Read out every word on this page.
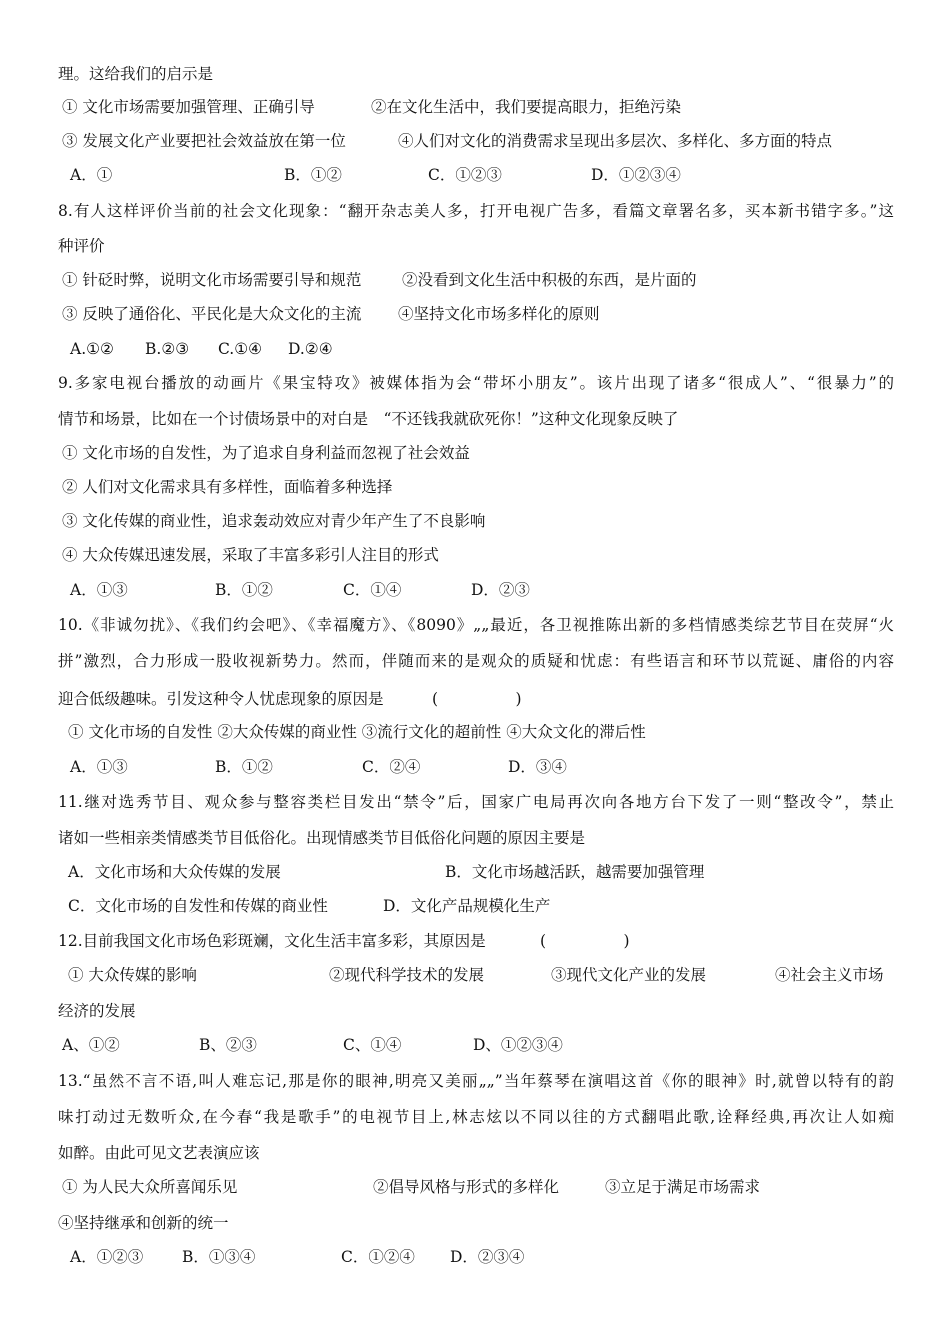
理。这给我们的启示是
① 文化市场需要加强管理、正确引导	②在文化生活中，我们要提高眼力，拒绝污染
③ 发展文化产业要把社会效益放在第一位	④人们对文化的消费需求呈现出多层次、多样化、多方面的特点
A．①	B．①②	C．①②③	D．①②③④
8.有人这样评价当前的社会文化现象：“翻开杂志美人多，打开电视广告多，看篇文章署名多，买本新书错字多。”这
种评价
① 针砭时弊，说明文化市场需要引导和规范	②没看到文化生活中积极的东西，是片面的
③ 反映了通俗化、平民化是大众文化的主流 ④坚持文化市场多样化的原则
A.①② B.②③ C.①④ D.②④
9.多家电视台播放的动画片《果宝特攻》被媒体指为会“带坏小朋友”。该片出现了诸多“很成人”、“很暴力”的
情节和场景，比如在一个讨债场景中的对白是　“不还钱我就砍死你！”这种文化现象反映了
① 文化市场的自发性，为了追求自身利益而忽视了社会效益
② 人们对文化需求具有多样性，面临着多种选择
③ 文化传媒的商业性，追求轰动效应对青少年产生了不良影响
④ 大众传媒迅速发展，采取了丰富多彩引人注目的形式
A．①③	B．①②	C．①④	D．②③
10.《非诚勿扰》、《我们约会吧》、《幸福魔方》、《8090》„„最近，各卫视推陈出新的多档情感类综艺节目在荧屏“火
拼”激烈，合力形成一股收视新势力。然而，伴随而来的是观众的质疑和忧虑：有些语言和环节以荒诞、庸俗的内容
迎合低级趣味。引发这种令人忧虑现象的原因是	(　　　　　)
① 文化市场的自发性 ②大众传媒的商业性 ③流行文化的超前性 ④大众文化的滞后性
A．①③	B．①②	C．②④	D．③④
11.继对选秀节目、观众参与整容类栏目发出“禁令”后，国家广电局再次向各地方台下发了一则“整改令”，禁止
诸如一些相亲类情感类节目低俗化。出现情感类节目低俗化问题的原因主要是
A．文化市场和大众传媒的发展	B．文化市场越活跃，越需要加强管理
C．文化市场的自发性和传媒的商业性	D．文化产品规模化生产
12.目前我国文化市场色彩斑斓，文化生活丰富多彩，其原因是	(　　　　　)
① 大众传媒的影响	②现代科学技术的发展	③现代文化产业的发展	④社会主义市场
经济的发展
A、①②	B、②③	C、①④	D、①②③④
13.“虽然不言不语,叫人难忘记,那是你的眼神,明亮又美丽„„”当年蔡琴在演唱这首《你的眼神》时,就曾以特有的韵
味打动过无数听众,在今春“我是歌手”的电视节目上,林志炫以不同以往的方式翻唱此歌,诠释经典,再次让人如痴
如醉。由此可见文艺表演应该
① 为人民大众所喜闻乐见	②倡导风格与形式的多样化	③立足于满足市场需求
④坚持继承和创新的统一
A．①②③	B．①③④	C．①②④ D．②③④
